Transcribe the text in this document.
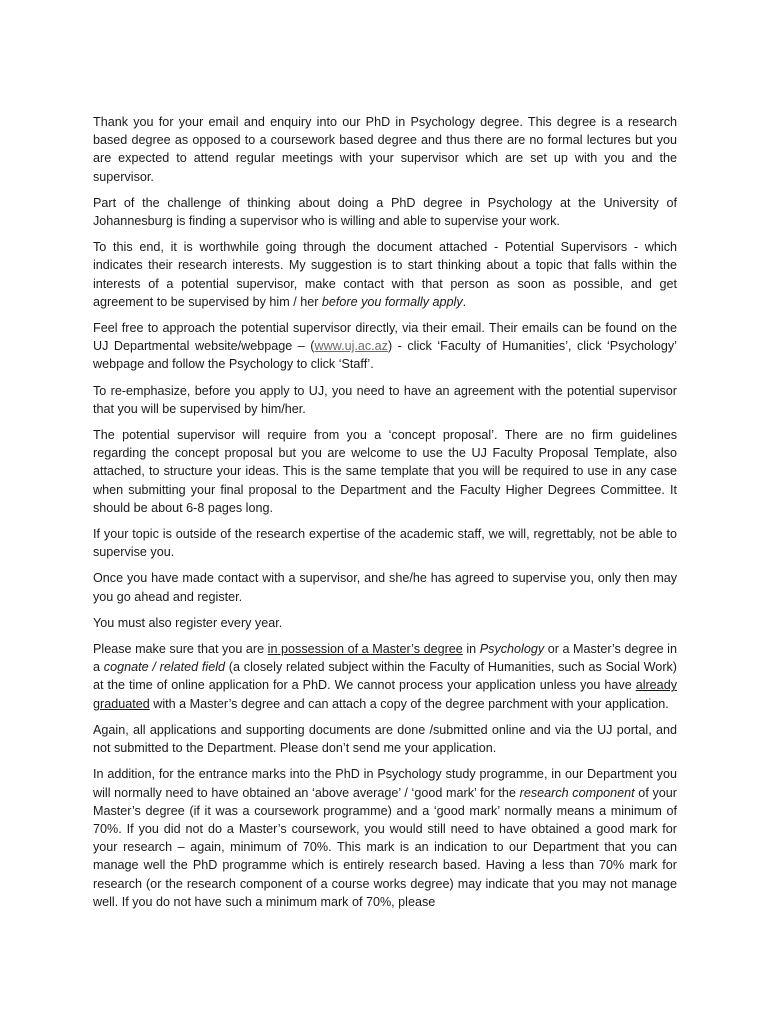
Thank you for your email and enquiry into our PhD in Psychology degree. This degree is a research based degree as opposed to a coursework based degree and thus there are no formal lectures but you are expected to attend regular meetings with your supervisor which are set up with you and the supervisor.

Part of the challenge of thinking about doing a PhD degree in Psychology at the University of Johannesburg is finding a supervisor who is willing and able to supervise your work.

To this end, it is worthwhile going through the document attached - Potential Supervisors - which indicates their research interests. My suggestion is to start thinking about a topic that falls within the interests of a potential supervisor, make contact with that person as soon as possible, and get agreement to be supervised by him / her before you formally apply.

Feel free to approach the potential supervisor directly, via their email. Their emails can be found on the UJ Departmental website/webpage – (www.uj.ac.az) - click ‘Faculty of Humanities’, click ‘Psychology’ webpage and follow the Psychology to click ‘Staff’.

To re-emphasize, before you apply to UJ, you need to have an agreement with the potential supervisor that you will be supervised by him/her.

The potential supervisor will require from you a ‘concept proposal’. There are no firm guidelines regarding the concept proposal but you are welcome to use the UJ Faculty Proposal Template, also attached, to structure your ideas. This is the same template that you will be required to use in any case when submitting your final proposal to the Department and the Faculty Higher Degrees Committee. It should be about 6-8 pages long.

If your topic is outside of the research expertise of the academic staff, we will, regrettably, not be able to supervise you.

Once you have made contact with a supervisor, and she/he has agreed to supervise you, only then may you go ahead and register.

You must also register every year.

Please make sure that you are in possession of a Master’s degree in Psychology or a Master’s degree in a cognate / related field (a closely related subject within the Faculty of Humanities, such as Social Work) at the time of online application for a PhD. We cannot process your application unless you have already graduated with a Master’s degree and can attach a copy of the degree parchment with your application.

Again, all applications and supporting documents are done /submitted online and via the UJ portal, and not submitted to the Department. Please don’t send me your application.

In addition, for the entrance marks into the PhD in Psychology study programme, in our Department you will normally need to have obtained an ‘above average’ / ‘good mark’ for the research component of your Master’s degree (if it was a coursework programme) and a ‘good mark’ normally means a minimum of 70%. If you did not do a Master’s coursework, you would still need to have obtained a good mark for your research – again, minimum of 70%. This mark is an indication to our Department that you can manage well the PhD programme which is entirely research based. Having a less than 70% mark for research (or the research component of a course works degree) may indicate that you may not manage well. If you do not have such a minimum mark of 70%, please
